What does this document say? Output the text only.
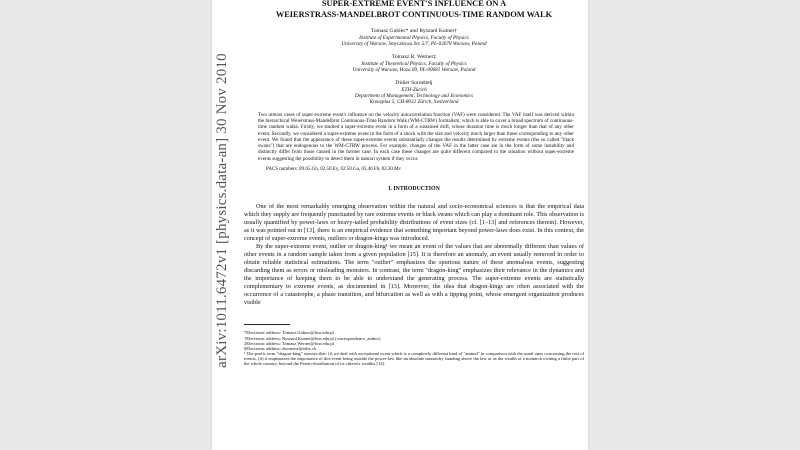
arXiv:1011.6472v1 [physics.data-an] 30 Nov 2010
SUPER-EXTREME EVENT'S INFLUENCE ON A
WEIERSTRASS-MANDELBROT CONTINUOUS-TIME RANDOM WALK
Tomasz Gubiec* and Ryszard Kutner†
Institute of Experimental Physics, Faculty of Physics
University of Warsaw, Smyczkowa Str. 5/7, PL-02678 Warsaw, Poland
Tomasz R. Werner‡
Institute of Theoretical Physics, Faculty of Physics
University of Warsaw, Hoza 69, PL-00681 Warsaw, Poland
Didier Sornette§
ETH-Zürich
Department of Management, Technology and Economics
Kreuzplaz 5, CH-8032 Zürich, Switzerland
Two utmost cases of super-extreme event's influence on the velocity autocorrelation function (VAF) were considered. The VAF itself was derived within the hierarchical Weierstrass-Mandelbrot Continuous-Time Random Walk (WM-CTRW) formalism, which is able to cover a broad spectrum of continuous-time random walks. Firstly, we studied a super-extreme event in a form of a sustained drift, whose duration time is much longer than that of any other event. Secondly, we considered a super-extreme event in the form of a shock with the size and velocity much larger than those corresponding to any other event. We found that the appearance of these super-extreme events substantially changes the results determined by extreme events (the so called "black swans") that are endogenous to the WM-CTRW process. For example, changes of the VAF in the latter case are in the form of some instability and distinctly differ from those caused in the former case. In each case these changes are quite different compared to the situation without super-extreme events suggesting the possibility to detect them in natural system if they occur.
PACS numbers: 89.65.Gh, 02.50.Ey, 02.50.Ga, 05.40.Fb, 02.30.Mv
I. INTRODUCTION
One of the most remarkably emerging observation within the natural and socio-economical sciences is that the empirical data which they supply are frequently punctuated by rare extreme events or black swans which can play a dominant role. This observation is usually quantified by power-laws or heavy-tailed probability distributions of event sizes (cf. [1–13] and references therein). However, as it was pointed out in [13], there is an empirical evidence that something important beyond power-laws does exist. In this context, the concept of super-extreme events, outliers or dragon-kings was introduced.
By the super-extreme event, outlier or dragon-king¹ we mean an event of the values that are abnormally different than values of other events in a random sample taken from a given population [15]. It is therefore an anomaly, an event usually removed in order to obtain reliable statistical estimations. The term "outlier" emphasizes the spurious nature of these anomalous events, suggesting discarding them as errors or misleading monsters. In contrast, the term "dragon-king" emphasizes their relevance in the dynamics and the importance of keeping them to be able to understand the generating process. The super-extreme events are statistically complementary to extreme events, as documented in [13]. Moreover, the idea that dragon-kings are often associated with the occurrence of a catastrophe, a phase transition, and bifurcation as well as with a tipping point, whose emergent organization produces visible
*Electronic address: Tomasz.Gubiec@fuw.edu.pl
†Electronic address: Ryszard.Kutner@fuw.edu.pl (correspondence_author)
‡Electronic address: Tomasz.Werner@fuw.edu.pl
§Electronic address: dsornette@ethz.ch
¹ The poetic term "dragon-king" stresses that: (i) we deal with exceptional event which is a completely different kind of "animal" in comparison with the usual ones concerning the rest of events, (ii) it emphasizes the importance of this event being outside the power-law like an absolute monarchy standing above the law or as the wealth of a monarch owning a finite part of the whole country, beyond the Pareto-distribution of its citizen's wealths [14].
